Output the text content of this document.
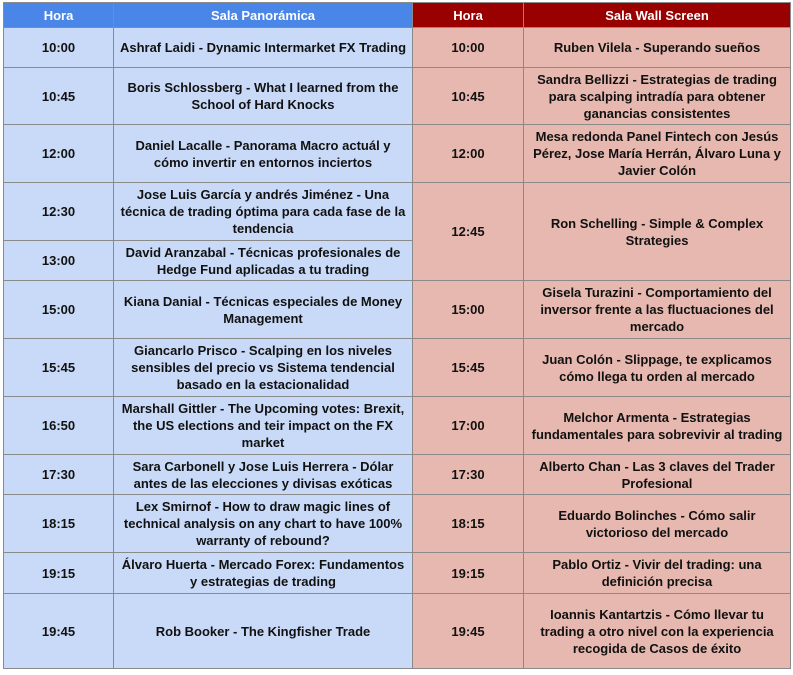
Hora	Sala Panorámica	Hora	Sala Wall Screen
10:00	Ashraf Laidi - Dynamic Intermarket FX Trading	10:00	Ruben Vilela - Superando sueños
10:45	Boris Schlossberg - What I learned from the School of Hard Knocks	10:45	Sandra Bellizzi - Estrategias de trading para scalping intradía para obtener ganancias consistentes
12:00	Daniel Lacalle - Panorama Macro actuál y cómo invertir en entornos inciertos	12:00	Mesa redonda Panel Fintech con Jesús Pérez, Jose María Herrán, Álvaro Luna y Javier Colón
12:30	Jose Luis García y andrés Jiménez - Una técnica de trading óptima para cada fase de la tendencia	12:45	Ron Schelling - Simple & Complex Strategies
13:00	David Aranzabal - Técnicas profesionales de Hedge Fund aplicadas a tu trading		
15:00	Kiana Danial - Técnicas especiales de Money Management	15:00	Gisela Turazini - Comportamiento del inversor frente a las fluctuaciones del mercado
15:45	Giancarlo Prisco - Scalping en los niveles sensibles del precio vs Sistema tendencial basado en la estacionalidad	15:45	Juan Colón - Slippage, te explicamos cómo llega tu orden al mercado
16:50	Marshall Gittler - The Upcoming votes: Brexit, the US elections and teir impact on the FX market	17:00	Melchor Armenta - Estrategias fundamentales para sobrevivir al trading
17:30	Sara Carbonell y Jose Luis Herrera - Dólar antes de las elecciones y divisas exóticas	17:30	Alberto Chan - Las 3 claves del Trader Profesional
18:15	Lex Smirnof - How to draw magic lines of technical analysis on any chart to have 100% warranty of rebound?	18:15	Eduardo Bolinches - Cómo salir victorioso del mercado
19:15	Álvaro Huerta - Mercado Forex: Fundamentos y estrategias de trading	19:15	Pablo Ortiz - Vivir del trading: una definición precisa
19:45	Rob Booker - The Kingfisher Trade	19:45	Ioannis Kantartzis - Cómo llevar tu trading a otro nivel con la experiencia recogida de Casos de éxito
